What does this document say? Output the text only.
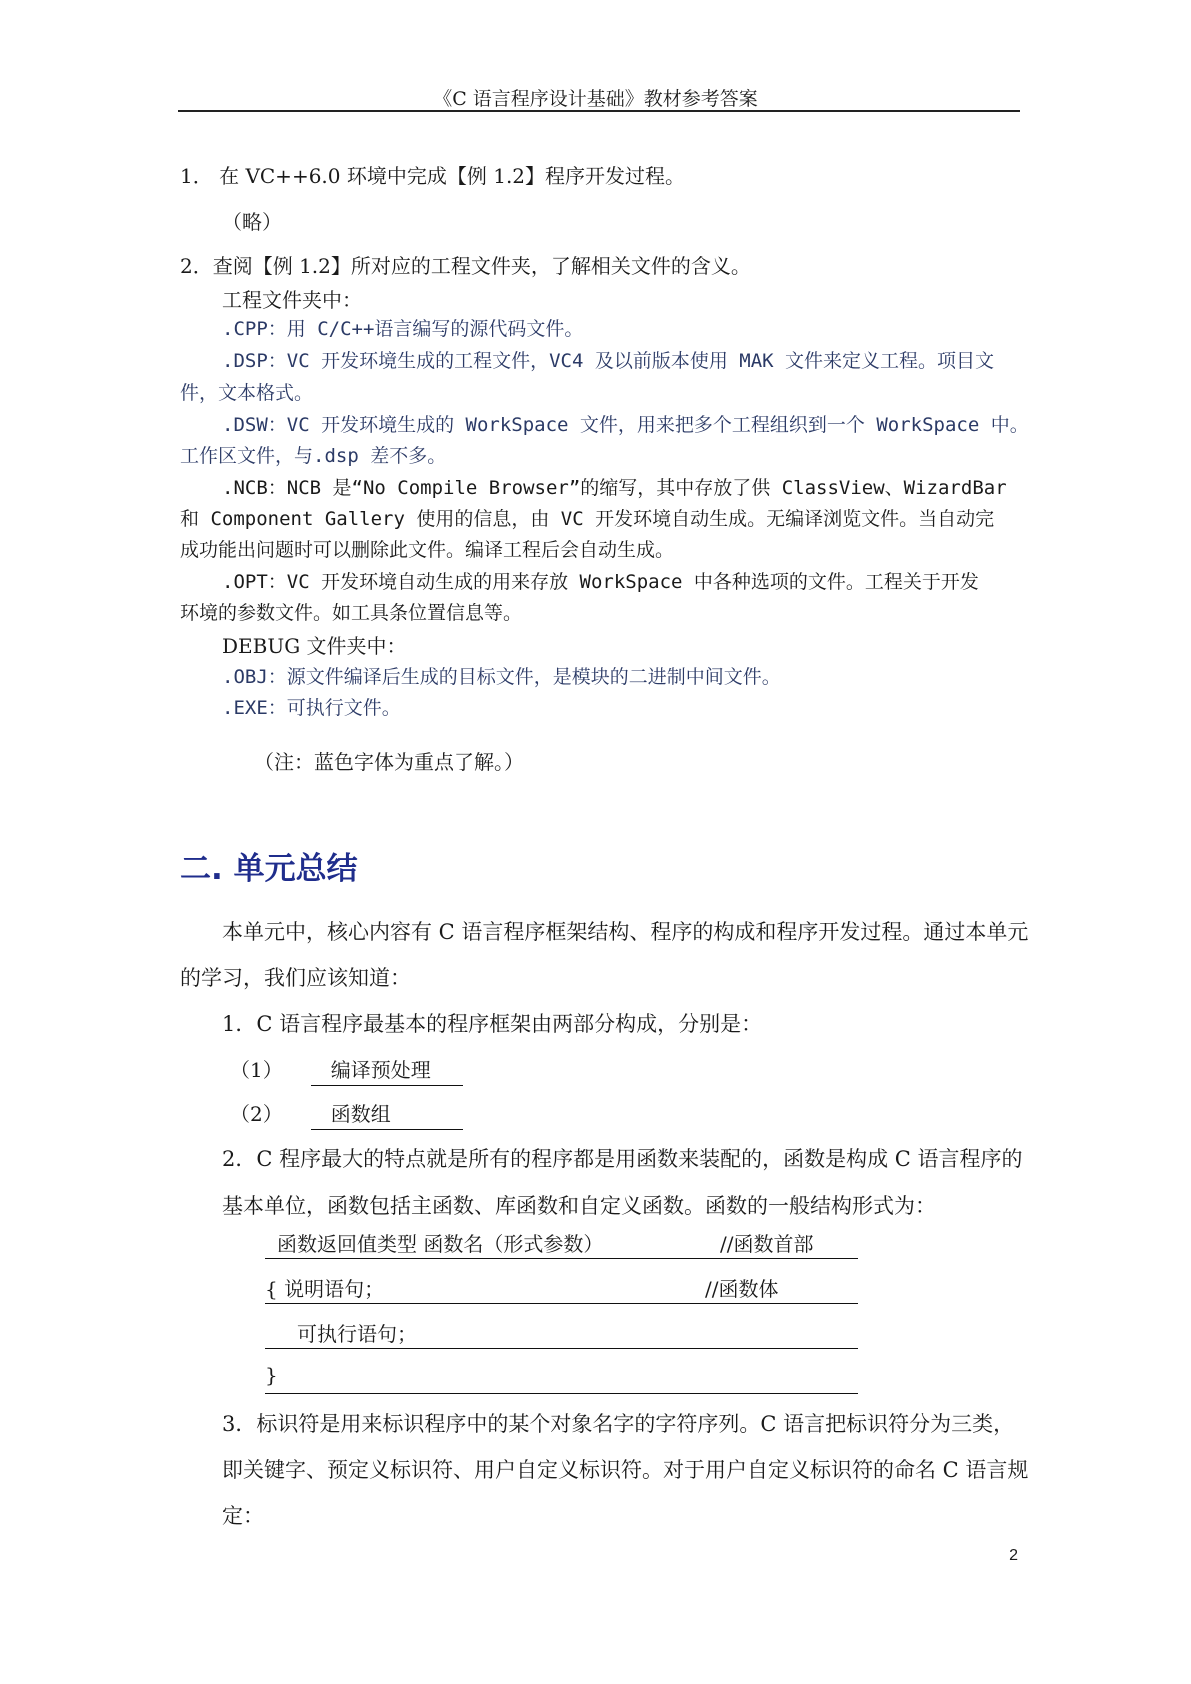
《C 语言程序设计基础》教材参考答案
1． 在 VC++6.0 环境中完成【例 1.2】程序开发过程。
（略）
2．查阅【例 1.2】所对应的工程文件夹，了解相关文件的含义。
工程文件夹中：
.CPP：用 C/C++语言编写的源代码文件。
.DSP：VC 开发环境生成的工程文件，VC4 及以前版本使用 MAK 文件来定义工程。项目文
件，文本格式。
.DSW：VC 开发环境生成的 WorkSpace 文件，用来把多个工程组织到一个 WorkSpace 中。
工作区文件，与.dsp 差不多。
.NCB：NCB 是“No Compile Browser”的缩写，其中存放了供 ClassView、WizardBar
和 Component Gallery 使用的信息，由 VC 开发环境自动生成。无编译浏览文件。当自动完
成功能出问题时可以删除此文件。编译工程后会自动生成。
.OPT：VC 开发环境自动生成的用来存放 WorkSpace 中各种选项的文件。工程关于开发
环境的参数文件。如工具条位置信息等。
DEBUG 文件夹中：
.OBJ：源文件编译后生成的目标文件，是模块的二进制中间文件。
.EXE：可执行文件。
（注：蓝色字体为重点了解。）
二. 单元总结
本单元中，核心内容有 C 语言程序框架结构、程序的构成和程序开发过程。通过本单元
的学习，我们应该知道：
1．C 语言程序最基本的程序框架由两部分构成，分别是：
（1） 编译预处理
（2） 函数组
2．C 程序最大的特点就是所有的程序都是用函数来装配的，函数是构成 C 语言程序的
基本单位，函数包括主函数、库函数和自定义函数。函数的一般结构形式为：
函数返回值类型 函数名（形式参数）	//函数首部
{ 说明语句；	//函数体
可执行语句；
}
3．标识符是用来标识程序中的某个对象名字的字符序列。C 语言把标识符分为三类，
即关键字、预定义标识符、用户自定义标识符。对于用户自定义标识符的命名 C 语言规
定：
2
